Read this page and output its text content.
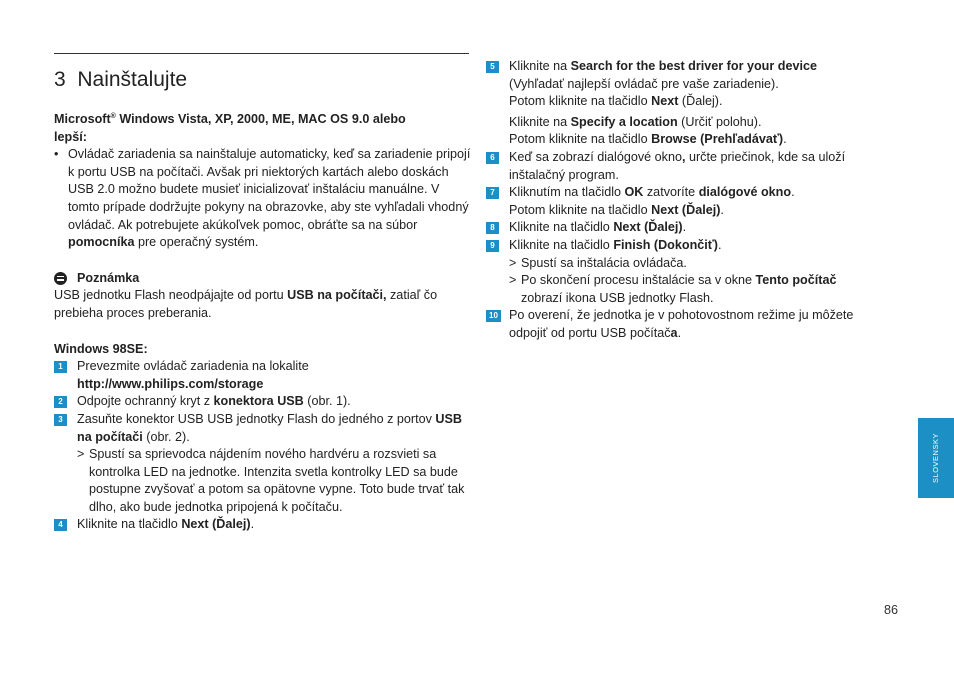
3 Nainštalujte

Microsoft® Windows Vista, XP, 2000, ME, MAC OS 9.0 alebo
lepší:

• Ovládač zariadenia sa nainštaluje automaticky, keď sa zariadenie pripojí k portu USB na počítači. Avšak pri niektorých kartách alebo doskách USB 2.0 možno budete musieť inicializovať inštaláciu manuálne. V tomto prípade dodržujte pokyny na obrazovke, aby ste vyhľadali vhodný ovládač. Ak potrebujete akúkoľvek pomoc, obráťte sa na súbor pomocníka pre operačný systém.

Poznámka

USB jednotku Flash neodpájajte od portu USB na počítači, zatiaľ čo prebieha proces preberania.

Windows 98SE:

1	Prevezmite ovládač zariadenia na lokalite
http://www.philips.com/storage

2	Odpojte ochranný kryt z konektora USB (obr. 1).

3	Zasuňte konektor USB USB jednotky Flash do jedného z portov USB na počítači (obr. 2).

> Spustí sa sprievodca nájdením nového hardvéru a rozsvieti sa kontrolka LED na jednotke. Intenzita svetla kontrolky LED sa bude postupne zvyšovať a potom sa opätovne vypne. Toto bude trvať tak dlho, ako bude jednotka pripojená k počítaču.

4	Kliknite na tlačidlo Next (Ďalej).

5	Kliknite na Search for the best driver for your device
(Vyhľadať najlepší ovládač pre vaše zariadenie).
Potom kliknite na tlačidlo Next (Ďalej).

Kliknite na Specify a location (Určiť polohu).
Potom kliknite na tlačidlo Browse (Prehľadávať).

6	Keď sa zobrazí dialógové okno, určte priečinok, kde sa uloží inštalačný program.

7	Kliknutím na tlačidlo OK zatvoríte dialógové okno.
Potom kliknite na tlačidlo Next (Ďalej).

8	Kliknite na tlačidlo Next (Ďalej).

9	Kliknite na tlačidlo Finish (Dokončiť).

> Spustí sa inštalácia ovládača.

> Po skončení procesu inštalácie sa v okne Tento počítač zobrazí ikona USB jednotky Flash.

10 Po overení, že jednotka je v pohotovostnom režime ju môžete odpojiť od portu USB počítača.

SLOVENSKY
86
